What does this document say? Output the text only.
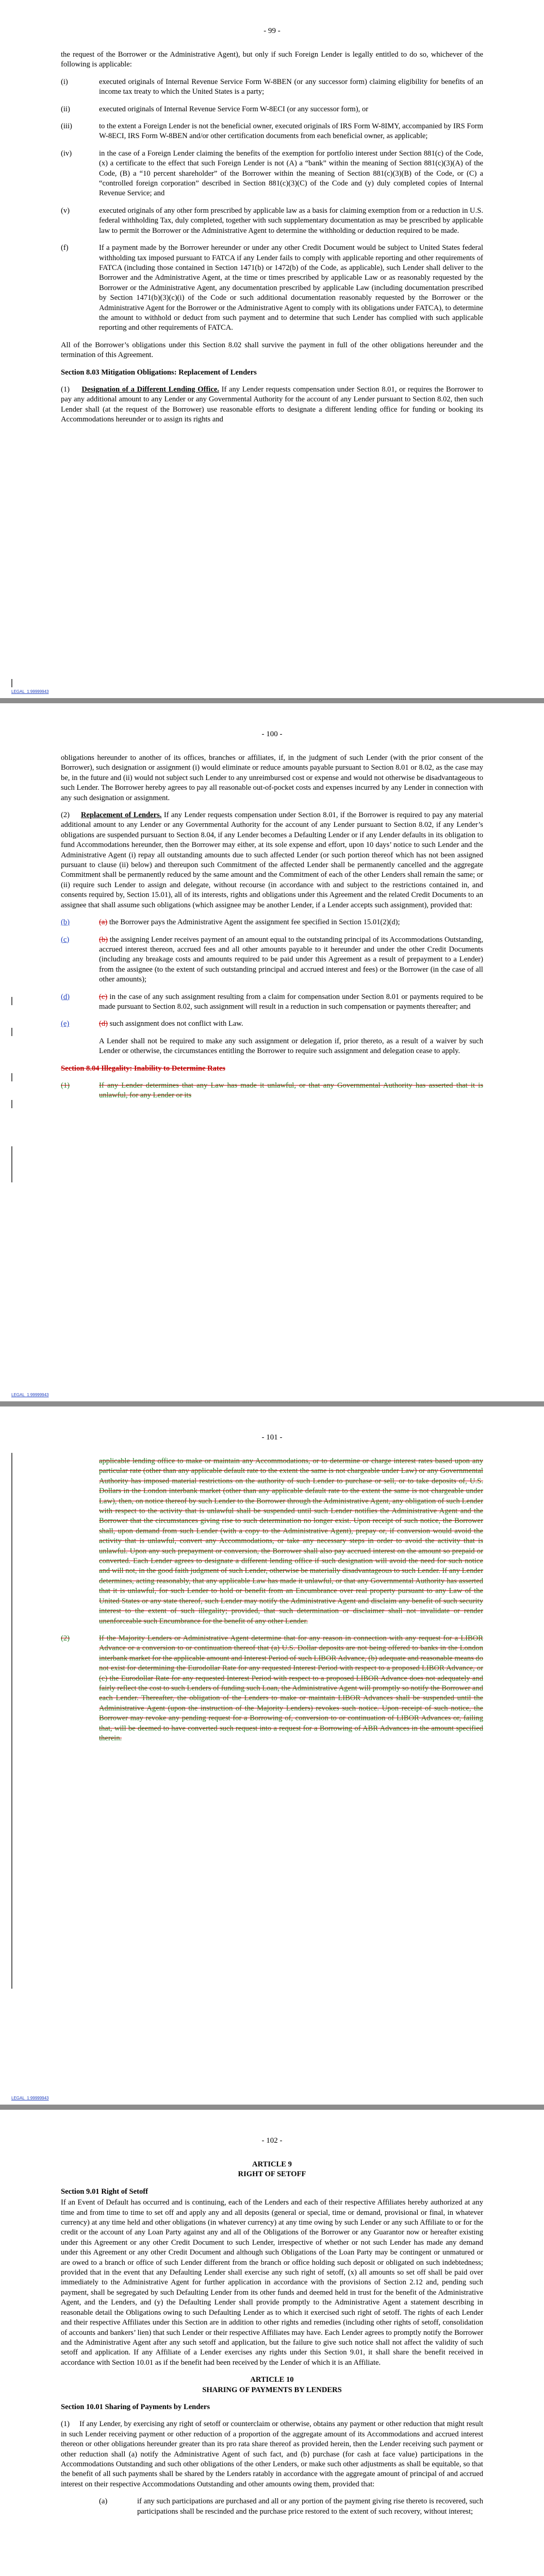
- 99 -

the request of the Borrower or the Administrative Agent), but only if such Foreign Lender is legally entitled to do so, whichever of the following is applicable:

(i)	executed originals of Internal Revenue Service Form W-8BEN (or any successor form) claiming eligibility for benefits of an income tax treaty to which the United States is a party;

(ii)	executed originals of Internal Revenue Service Form W-8ECI (or any successor form), or

(iii)	to the extent a Foreign Lender is not the beneficial owner, executed originals of IRS Form W-8IMY, accompanied by IRS Form W-8ECI, IRS Form W-8BEN and/or other certification documents from each beneficial owner, as applicable;

(iv)	in the case of a Foreign Lender claiming the benefits of the exemption for portfolio interest under Section 881(c) of the Code, (x) a certificate to the effect that such Foreign Lender is not (A) a “bank” within the meaning of Section 881(c)(3)(A) of the Code, (B) a “10 percent shareholder” of the Borrower within the meaning of Section 881(c)(3)(B) of the Code, or (C) a “controlled foreign corporation” described in Section 881(c)(3)(C) of the Code and (y) duly completed copies of Internal Revenue Service; and

(v)	executed originals of any other form prescribed by applicable law as a basis for claiming exemption from or a reduction in U.S. federal withholding Tax, duly completed, together with such supplementary documentation as may be prescribed by applicable law to permit the Borrower or the Administrative Agent to determine the withholding or deduction required to be made.

(f)	If a payment made by the Borrower hereunder or under any other Credit Document would be subject to United States federal withholding tax imposed pursuant to FATCA if any Lender fails to comply with applicable reporting and other requirements of FATCA (including those contained in Section 1471(b) or 1472(b) of the Code, as applicable), such Lender shall deliver to the Borrower and the Administrative Agent, at the time or times prescribed by applicable Law or as reasonably requested by the Borrower or the Administrative Agent, any documentation prescribed by applicable Law (including documentation prescribed by Section 1471(b)(3)(c)(i) of the Code or such additional documentation reasonably requested by the Borrower or the Administrative Agent for the Borrower or the Administrative Agent to comply with its obligations under FATCA), to determine the amount to withhold or deduct from such payment and to determine that such Lender has complied with such applicable reporting and other requirements of FATCA.

All of the Borrower’s obligations under this Section 8.02 shall survive the payment in full of the other obligations hereunder and the termination of this Agreement.

Section 8.03 Mitigation Obligations: Replacement of Lenders

(1) Designation of a Different Lending Office. If any Lender requests compensation under Section 8.01, or requires the Borrower to pay any additional amount to any Lender or any Governmental Authority for the account of any Lender pursuant to Section 8.02, then such Lender shall (at the request of the Borrower) use reasonable efforts to designate a different lending office for funding or booking its Accommodations hereunder or to assign its rights and

LEGAL_1:99999943
- 100 -

obligations hereunder to another of its offices, branches or affiliates, if, in the judgment of such Lender (with the prior consent of the Borrower), such designation or assignment (i) would eliminate or reduce amounts payable pursuant to Section 8.01 or 8.02, as the case may be, in the future and (ii) would not subject such Lender to any unreimbursed cost or expense and would not otherwise be disadvantageous to such Lender. The Borrower hereby agrees to pay all reasonable out-of-pocket costs and expenses incurred by any Lender in connection with any such designation or assignment.

(2) Replacement of Lenders. If any Lender requests compensation under Section 8.01, if the Borrower is required to pay any material additional amount to any Lender or any Governmental Authority for the account of any Lender pursuant to Section 8.02, if any Lender’s obligations are suspended pursuant to Section 8.04, if any Lender becomes a Defaulting Lender or if any Lender defaults in its obligation to fund Accommodations hereunder, then the Borrower may either, at its sole expense and effort, upon 10 days’ notice to such Lender and the Administrative Agent (i) repay all outstanding amounts due to such affected Lender (or such portion thereof which has not been assigned pursuant to clause (ii) below) and thereupon such Commitment of the affected Lender shall be permanently cancelled and the aggregate Commitment shall be permanently reduced by the same amount and the Commitment of each of the other Lenders shall remain the same; or (ii) require such Lender to assign and delegate, without recourse (in accordance with and subject to the restrictions contained in, and consents required by, Section 15.01), all of its interests, rights and obligations under this Agreement and the related Credit Documents to an assignee that shall assume such obligations (which assignee may be another Lender, if a Lender accepts such assignment), provided that:

(b)	(a) the Borrower pays the Administrative Agent the assignment fee specified in Section 15.01(2)(d);

(c)	(b) the assigning Lender receives payment of an amount equal to the outstanding principal of its Accommodations Outstanding, accrued interest thereon, accrued fees and all other amounts payable to it hereunder and under the other Credit Documents (including any breakage costs and amounts required to be paid under this Agreement as a result of prepayment to a Lender) from the assignee (to the extent of such outstanding principal and accrued interest and fees) or the Borrower (in the case of all other amounts);

(d)	(c) in the case of any such assignment resulting from a claim for compensation under Section 8.01 or payments required to be made pursuant to Section 8.02, such assignment will result in a reduction in such compensation or payments thereafter; and

(e)	(d) such assignment does not conflict with Law.

A Lender shall not be required to make any such assignment or delegation if, prior thereto, as a result of a waiver by such Lender or otherwise, the circumstances entitling the Borrower to require such assignment and delegation cease to apply.

Section 8.04 Illegality: Inability to Determine Rates

(1)	If any Lender determines that any Law has made it unlawful, or that any Governmental Authority has asserted that it is unlawful, for any Lender or its

LEGAL_1:99999943
- 101 -

applicable lending office to make or maintain any Accommodations, or to determine or charge interest rates based upon any particular rate (other than any applicable default rate to the extent the same is not chargeable under Law) or any Governmental Authority has imposed material restrictions on the authority of such Lender to purchase or sell, or to take deposits of, U.S. Dollars in the London interbank market (other than any applicable default rate to the extent the same is not chargeable under Law), then, on notice thereof by such Lender to the Borrower through the Administrative Agent, any obligation of such Lender with respect to the activity that is unlawful shall be suspended until such Lender notifies the Administrative Agent and the Borrower that the circumstances giving rise to such determination no longer exist. Upon receipt of such notice, the Borrower shall, upon demand from such Lender (with a copy to the Administrative Agent), prepay or, if conversion would avoid the activity that is unlawful, convert any Accommodations, or take any necessary steps in order to avoid the activity that is unlawful. Upon any such prepayment or conversion, the Borrower shall also pay accrued interest on the amount so prepaid or converted. Each Lender agrees to designate a different lending office if such designation will avoid the need for such notice and will not, in the good faith judgment of such Lender, otherwise be materially disadvantageous to such Lender. If any Lender determines, acting reasonably, that any applicable Law has made it unlawful, or that any Governmental Authority has asserted that it is unlawful, for such Lender to hold or benefit from an Encumbrance over real property pursuant to any Law of the United States or any state thereof, such Lender may notify the Administrative Agent and disclaim any benefit of such security interest to the extent of such illegality; provided, that such determination or disclaimer shall not invalidate or render unenforceable such Encumbrance for the benefit of any other Lender.

(2)	If the Majority Lenders or Administrative Agent determine that for any reason in connection with any request for a LIBOR Advance or a conversion to or continuation thereof that (a) U.S. Dollar deposits are not being offered to banks in the London interbank market for the applicable amount and Interest Period of such LIBOR Advance, (b) adequate and reasonable means do not exist for determining the Eurodollar Rate for any requested Interest Period with respect to a proposed LIBOR Advance, or (c) the Eurodollar Rate for any requested Interest Period with respect to a proposed LIBOR Advance does not adequately and fairly reflect the cost to such Lenders of funding such Loan, the Administrative Agent will promptly so notify the Borrower and each Lender. Thereafter, the obligation of the Lenders to make or maintain LIBOR Advances shall be suspended until the Administrative Agent (upon the instruction of the Majority Lenders) revokes such notice. Upon receipt of such notice, the Borrower may revoke any pending request for a Borrowing of, conversion to or continuation of LIBOR Advances or, failing that, will be deemed to have converted such request into a request for a Borrowing of ABR Advances in the amount specified therein.

LEGAL_1:99999943
- 102 -

ARTICLE 9

RIGHT OF SETOFF

Section 9.01 Right of Setoff

If an Event of Default has occurred and is continuing, each of the Lenders and each of their respective Affiliates hereby authorized at any time and from time to time to set off and apply any and all deposits (general or special, time or demand, provisional or final, in whatever currency) at any time held and other obligations (in whatever currency) at any time owing by such Lender or any such Affiliate to or for the credit or the account of any Loan Party against any and all of the Obligations of the Borrower or any Guarantor now or hereafter existing under this Agreement or any other Credit Document to such Lender, irrespective of whether or not such Lender has made any demand under this Agreement or any other Credit Document and although such Obligations of the Loan Party may be contingent or unmatured or are owed to a branch or office of such Lender different from the branch or office holding such deposit or obligated on such indebtedness; provided that in the event that any Defaulting Lender shall exercise any such right of setoff, (x) all amounts so set off shall be paid over immediately to the Administrative Agent for further application in accordance with the provisions of Section 2.12 and, pending such payment, shall be segregated by such Defaulting Lender from its other funds and deemed held in trust for the benefit of the Administrative Agent, and the Lenders, and (y) the Defaulting Lender shall provide promptly to the Administrative Agent a statement describing in reasonable detail the Obligations owing to such Defaulting Lender as to which it exercised such right of setoff. The rights of each Lender and their respective Affiliates under this Section are in addition to other rights and remedies (including other rights of setoff, consolidation of accounts and bankers’ lien) that such Lender or their respective Affiliates may have. Each Lender agrees to promptly notify the Borrower and the Administrative Agent after any such setoff and application, but the failure to give such notice shall not affect the validity of such setoff and application. If any Affiliate of a Lender exercises any rights under this Section 9.01, it shall share the benefit received in accordance with Section 10.01 as if the benefit had been received by the Lender of which it is an Affiliate.

ARTICLE 10

SHARING OF PAYMENTS BY LENDERS

Section 10.01 Sharing of Payments by Lenders

(1) If any Lender, by exercising any right of setoff or counterclaim or otherwise, obtains any payment or other reduction that might result in such Lender receiving payment or other reduction of a proportion of the aggregate amount of its Accommodations and accrued interest thereon or other obligations hereunder greater than its pro rata share thereof as provided herein, then the Lender receiving such payment or other reduction shall (a) notify the Administrative Agent of such fact, and (b) purchase (for cash at face value) participations in the Accommodations Outstanding and such other obligations of the other Lenders, or make such other adjustments as shall be equitable, so that the benefit of all such payments shall be shared by the Lenders ratably in accordance with the aggregate amount of principal of and accrued interest on their respective Accommodations Outstanding and other amounts owing them, provided that:

(a)	if any such participations are purchased and all or any portion of the payment giving rise thereto is recovered, such participations shall be rescinded and the purchase price restored to the extent of such recovery, without interest;
